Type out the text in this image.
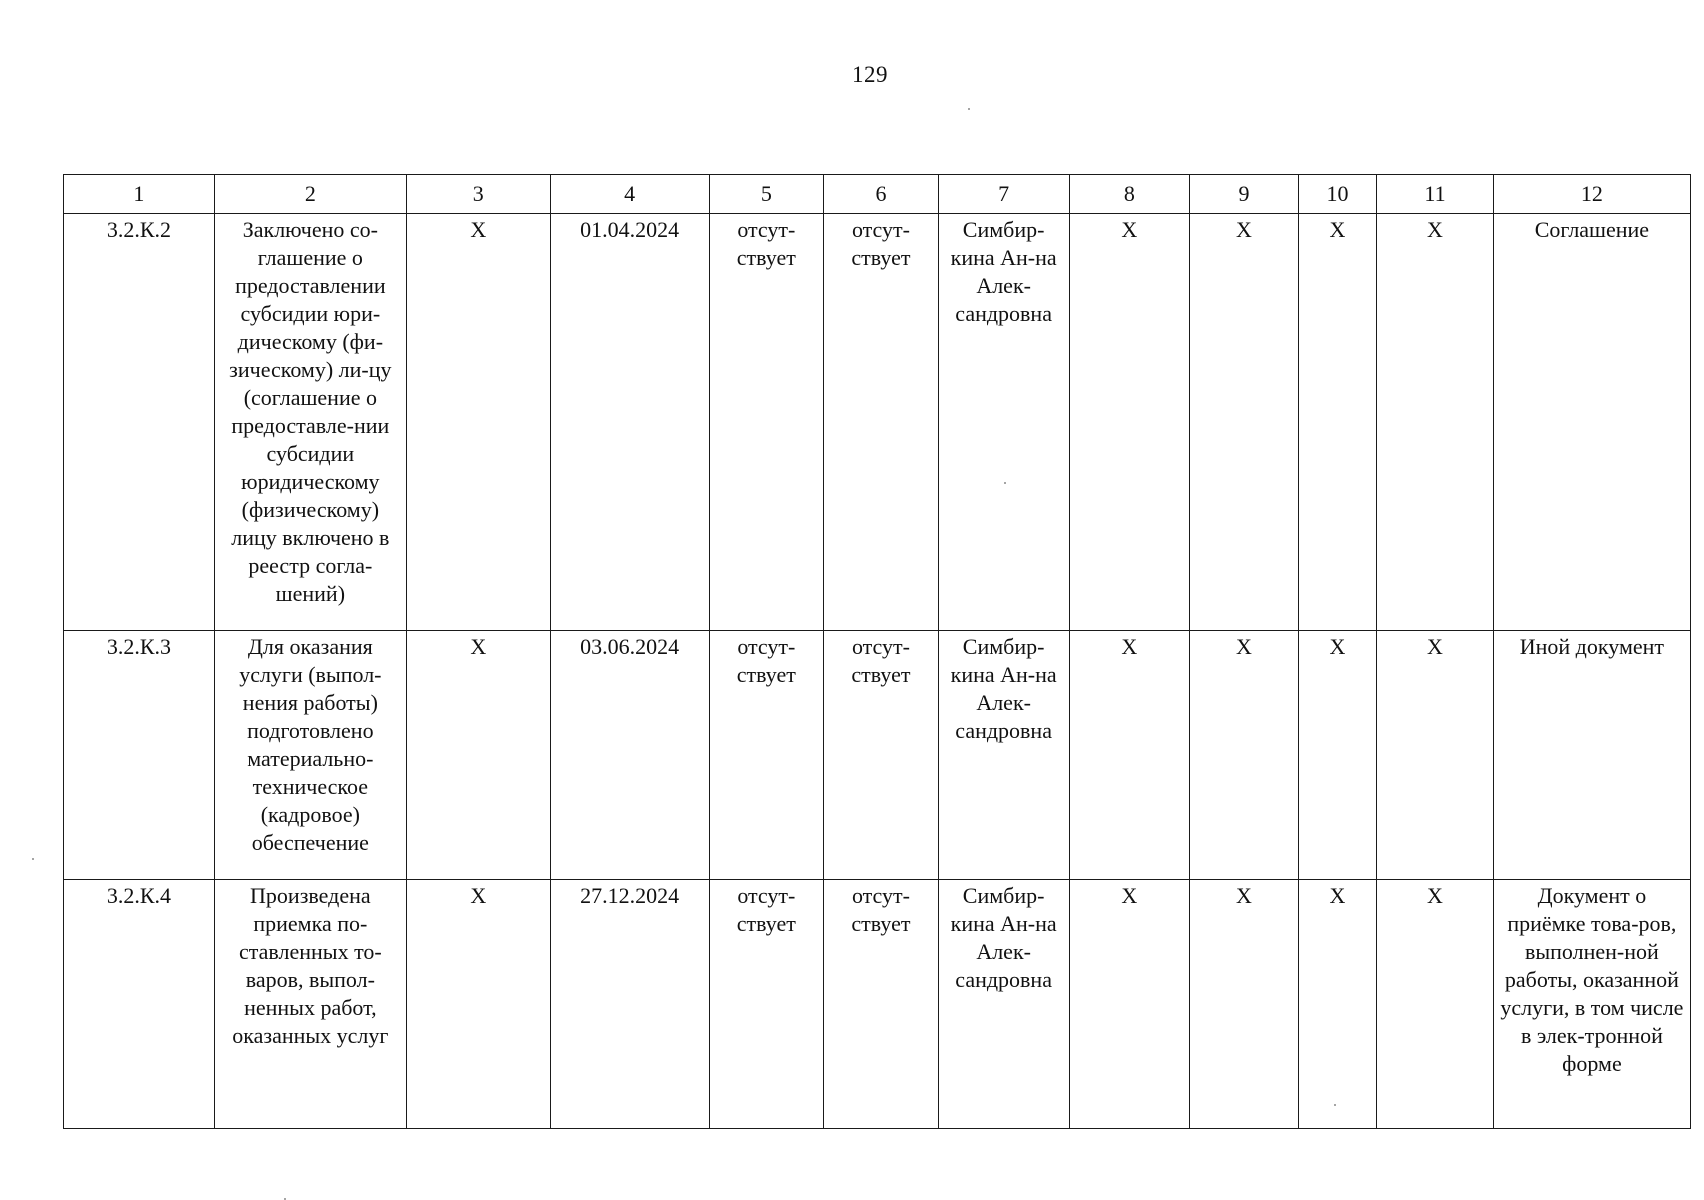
129
1	2	3	4	5	6	7	8	9	10	11	12
3.2.К.2	Заключено со-глашение о предоставлении субсидии юри-дическому (фи-зическому) ли-цу (соглашение о предоставле-нии субсидии юридическому (физическому) лицу включено в реестр согла-шений)	Х	01.04.2024	отсут-ствует	отсут-ствует	Симбир-кина Ан-на Алек-сандровна	Х	Х	Х	Х	Соглашение
3.2.К.3	Для оказания услуги (выпол-нения работы) подготовлено материально-техническое (кадровое) обеспечение	Х	03.06.2024	отсут-ствует	отсут-ствует	Симбир-кина Ан-на Алек-сандровна	Х	Х	Х	Х	Иной документ
3.2.К.4	Произведена приемка по-ставленных то-варов, выпол-ненных работ, оказанных услуг	Х	27.12.2024	отсут-ствует	отсут-ствует	Симбир-кина Ан-на Алек-сандровна	Х	Х	Х	Х	Документ о приёмке това-ров, выполнен-ной работы, оказанной услуги, в том числе в элек-тронной форме
